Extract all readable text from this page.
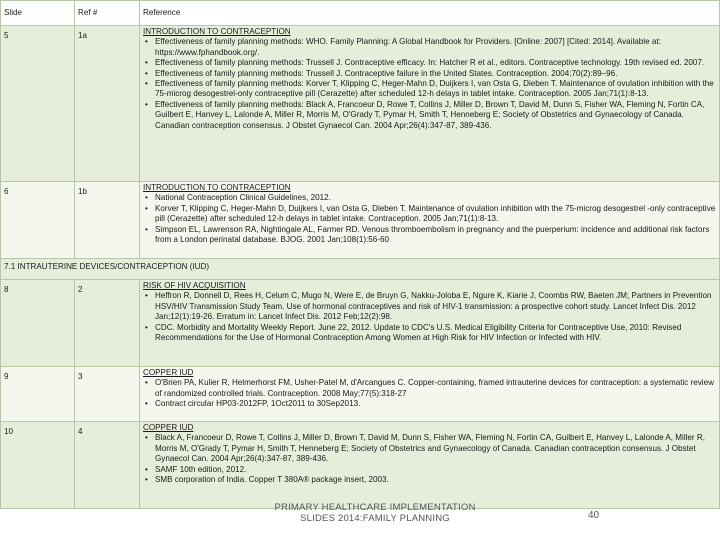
Slide	Ref #	Reference
5	1a	INTRODUCTION TO CONTRACEPTION
• Effectiveness of family planning methods: WHO. Family Planning: A Global Handbook for Providers. [Online: 2007] [Cited: 2014]. Available at: https://www.fphandbook.org/.
• Effectiveness of family planning methods: Trussell J. Contraceptive efficacy. In: Hatcher R et al., editors. Contraceptive technology. 19th revised ed. 2007.
• Effectiveness of family planning methods: Trussell J. Contraceptive failure in the United States. Contraception. 2004;70(2):89–96.
• Effectiveness of family planning methods: Korver T, Klipping C, Heger-Mahn D, Duijkers I, van Osta G, Dieben T. Maintenance of ovulation inhibition with the 75-microg desogestrel-only contraceptive pill (Cerazette) after scheduled 12-h delays in tablet intake. Contraception. 2005 Jan;71(1):8-13.
• Effectiveness of family planning methods: Black A, Francoeur D, Rowe T, Collins J, Miller D, Brown T, David M, Dunn S, Fisher WA, Fleming N, Fortin CA, Guilbert E, Hanvey L, Lalonde A, Miller R, Morris M, O'Grady T, Pymar H, Smith T, Henneberg E; Society of Obstetrics and Gynaecology of Canada. Canadian contraception consensus. J Obstet Gynaecol Can. 2004 Apr;26(4):347-87, 389-436.
6	1b	INTRODUCTION TO CONTRACEPTION
• National Contraception Clinical Guidelines, 2012.
• Korver T, Klipping C, Heger-Mahn D, Duijkers I, van Osta G, Dieben T. Maintenance of ovulation inhibition with the 75-microg desogestrel -only contraceptive pill (Cerazette) after scheduled 12-h delays in tablet intake. Contraception. 2005 Jan;71(1):8-13.
• Simpson EL, Lawrenson RA, Nightingale AL, Farmer RD. Venous thromboembolism in pregnancy and the puerperium: incidence and additional risk factors from a London perinatal database. BJOG. 2001 Jan;108(1):56-60
7.1 INTRAUTERINE DEVICES/CONTRACEPTION (IUD)
8	2	RISK OF HIV ACQUISITION
• Heffron R, Donnell D, Rees H, Celum C, Mugo N, Were E, de Bruyn G, Nakku-Joloba E, Ngure K, Kiarie J, Coombs RW, Baeten JM; Partners in Prevention HSV/HIV Transmission Study Team. Use of hormonal contraceptives and risk of HIV-1 transmission: a prospective cohort study. Lancet Infect Dis. 2012 Jan;12(1):19-26. Erratum in: Lancet Infect Dis. 2012 Feb;12(2):98.
• CDC. Morbidity and Mortality Weekly Report. June 22, 2012. Update to CDC's U.S. Medical Eligibility Criteria for Contraceptive Use, 2010: Revised Recommendations for the Use of Hormonal Contraception Among Women at High Risk for HIV Infection or Infected with HIV.
9	3	COPPER IUD
• O'Brien PA, Kulier R, Helmerhorst FM, Usher-Patel M, d'Arcangues C. Copper-containing, framed intrauterine devices for contraception: a systematic review of randomized controlled trials. Contraception. 2008 May;77(5):318-27
• Contract circular HP03-2012FP, 1Oct2011 to 30Sep2013.
10	4	COPPER IUD
• Black A, Francoeur D, Rowe T, Collins J, Miller D, Brown T, David M, Dunn S, Fisher WA, Fleming N, Fortin CA, Guilbert E, Hanvey L, Lalonde A, Miller R, Morris M, O'Grady T, Pymar H, Smith T, Henneberg E; Society of Obstetrics and Gynaecology of Canada. Canadian contraception consensus. J Obstet Gynaecol Can. 2004 Apr;26(4):347-87, 389-436.
• SAMF 10th edition, 2012.
• SMB corporation of India. Copper T 380A® package insert, 2003.
PRIMARY HEALTHCARE IMPLEMENTATION
SLIDES 2014:FAMILY PLANNING	40
